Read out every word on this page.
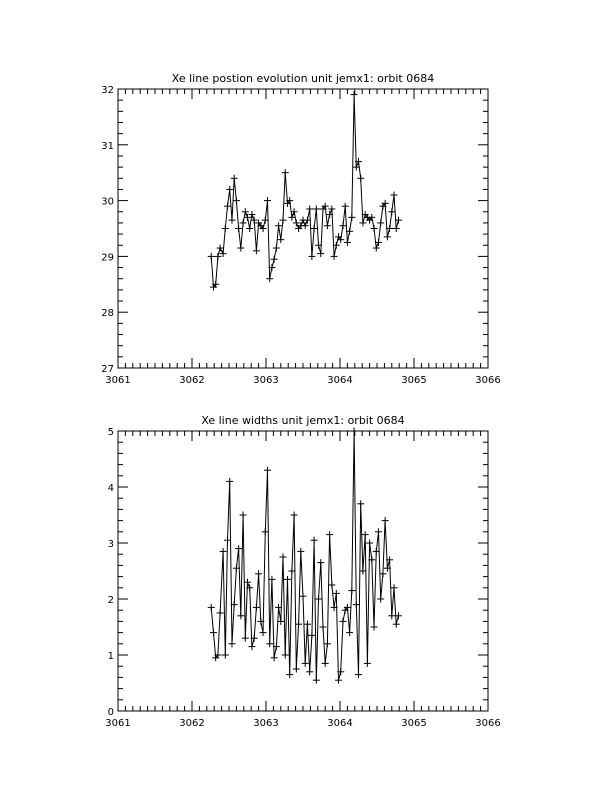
Xe line postion evolution unit jemx1: orbit 0684
3061	3062	3063	3064	3065	3066
27
28
29
30
31
32
Xe line widths unit jemx1: orbit 0684
3061	3062	3063	3064	3065	3066
0
1
2
3
4
5
